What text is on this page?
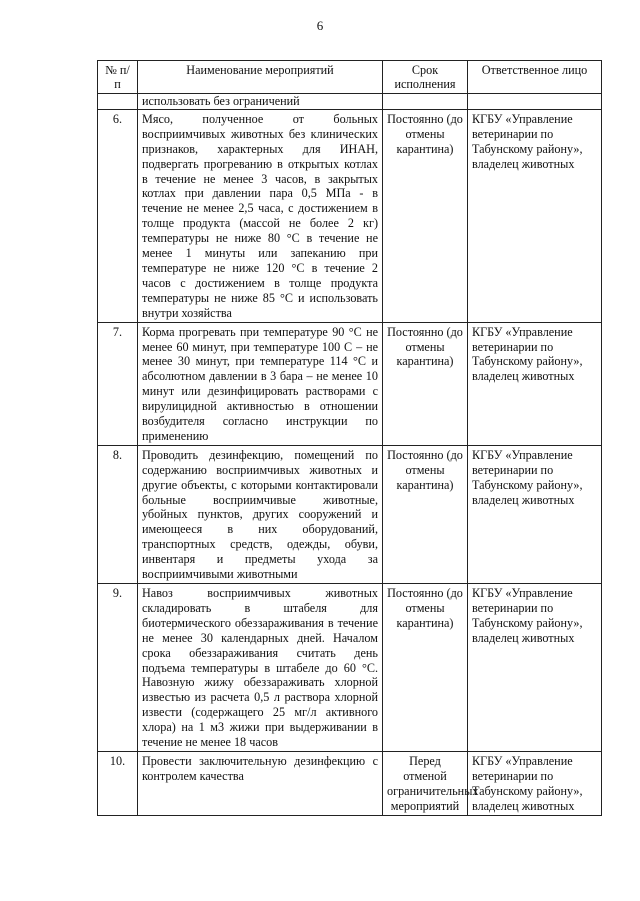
6
№ п/п	Наименование мероприятий	Срок исполнения	Ответственное лицо
	использовать без ограничений		
6.	Мясо, полученное от больных восприимчивых животных без клинических признаков, характерных для ИНАН, подвергать прогреванию в открытых котлах в течение не менее 3 часов, в закрытых котлах при давлении пара 0,5 МПа - в течение не менее 2,5 часа, с достижением в толще продукта (массой не более 2 кг) температуры не ниже 80 °С в течение не менее 1 минуты или запеканию при температуре не ниже 120 °С в течение 2 часов с достижением в толще продукта температуры не ниже 85 °С и использовать внутри хозяйства	Постоянно (до отмены карантина)	КГБУ «Управление ветеринарии по Табунскому району», владелец животных
7.	Корма прогревать при температуре 90 °С не менее 60 минут, при температуре 100 С – не менее 30 минут, при температуре 114 °С и абсолютном давлении в 3 бара – не менее 10 минут или дезинфицировать растворами с вирулицидной активностью в отношении возбудителя согласно инструкции по применению	Постоянно (до отмены карантина)	КГБУ «Управление ветеринарии по Табунскому району», владелец животных
8.	Проводить дезинфекцию, помещений по содержанию восприимчивых животных и другие объекты, с которыми контактировали больные восприимчивые животные, убойных пунктов, других сооружений и имеющееся в них оборудований, транспортных средств, одежды, обуви, инвентаря и предметы ухода за восприимчивыми животными	Постоянно (до отмены карантина)	КГБУ «Управление ветеринарии по Табунскому району», владелец животных
9.	Навоз восприимчивых животных складировать в штабеля для биотермического обеззараживания в течение не менее 30 календарных дней. Началом срока обеззараживания считать день подъема температуры в штабеле до 60 °С. Навозную жижу обеззараживать хлорной известью из расчета 0,5 л раствора хлорной извести (содержащего 25 мг/л активного хлора) на 1 м3 жижи при выдерживании в течение не менее 18 часов	Постоянно (до отмены карантина)	КГБУ «Управление ветеринарии по Табунскому району», владелец животных
10.	Провести заключительную дезинфекцию с контролем качества	Перед отменой ограничительных мероприятий	КГБУ «Управление ветеринарии по Табунскому району», владелец животных
